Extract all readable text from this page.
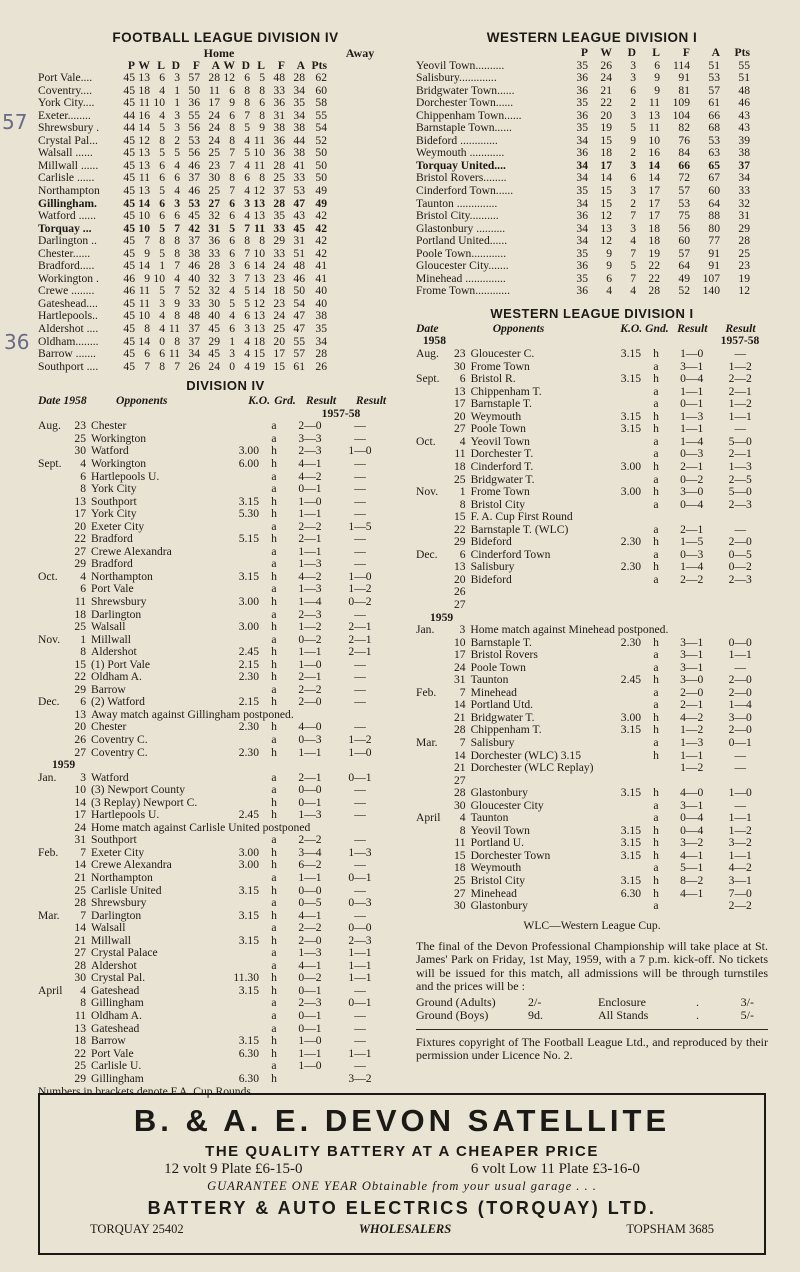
57
36
FOOTBALL LEAGUE DIVISION IV
Home	Away
P W L D	F	A W D L	F	A Pts
Port Vale....	45 13 6 3 57 28 12 6 5 48 28 62
Coventry....	45 18 4 1 50 11 6 8 8 33 34 60
York City....	45 11 10 1 36 17 9 8 6 36 35 58
Exeter........	44 16 4 3 55 24 6 7 8 31 34 55
Shrewsbury .	44 14 5 3 56 24 8 5 9 38 38 54
Crystal Pal...	45 12 8 2 53 24 8 4 11 36 44 52
Walsall ......	45 13 5 5 56 25 7 5 10 36 38 50
Millwall ......	45 13 6 4 46 23 7 4 11 28 41 50
Carlisle ......	45 11 6 6 37 30 8 6 8 25 33 50
Northampton	45 13 5 4 46 25 7 4 12 37 53 49
Gillingham.	45 14 6 3 53 27 6 3 13 28 47 49
Watford ......	45 10 6 6 45 32 6 4 13 35 43 42
Torquay ...	45 10 5 7 42 31 5 7 11 33 45 42
Darlington ..	45 7 8 8 37 36 6 8 8 29 31 42
Chester......	45 9 5 8 38 33 6 7 10 33 51 42
Bradford.....	45 14 1 7 46 28 3 6 14 24 48 41
Workington .	46 9 10 4 40 32 3 7 13 23 46 41
Crewe ........	46 11 5 7 52 32 4 5 14 18 50 40
Gateshead....	45 11 3 9 33 30 5 5 12 23 54 40
Hartlepools..	45 10 4 8 48 40 4 6 13 24 47 38
Aldershot ....	45 8 4 11 37 45 6 3 13 25 47 35
Oldham........	45 14 0 8 37 29 1 4 18 20 55 34
Barrow .......	45 6 6 11 34 45 3 4 15 17 57 28
Southport ....	45 7 8 7 26 24 0 4 19 15 61 26
DIVISION IV
Date 1958	Opponents	K.O. Grd. Result	Result
1957-58
Aug.	23 Chester	a	2—0	—
25 Workington	a	3—3	—
30 Watford	3.00	h	2—3	1—0
Sept.	4 Workington	6.00	h	4—1	—
6 Hartlepools U.	a	4—2	—
8 York City	a	0—1	—
13 Southport	3.15	h	1—0	—
17 York City	5.30	h	1—1	—
20 Exeter City	a	2—2	1—5
22 Bradford	5.15	h	2—1	—
27 Crewe Alexandra	a	1—1	—
29 Bradford	a	1—3	—
Oct.	4 Northampton	3.15	h	4—2	1—0
6 Port Vale	a	1—3	1—2
11 Shrewsbury	3.00	h	1—4	0—2
18 Darlington	a	2—3	—
25 Walsall	3.00	h	1—2	2—1
Nov.	1 Millwall	a	0—2	2—1
8 Aldershot	2.45	h	1—1	2—1
15 (1) Port Vale	2.15	h	1—0	—
22 Oldham A.	2.30	h	2—1	—
29 Barrow	a	2—2	—
Dec.	6 (2) Watford	2.15	h	2—0	—
13 Away match against Gillingham postponed.
20 Chester	2.30	h	4—0	—
26 Coventry C.	a	0—3	1—2
27 Coventry C.	2.30	h	1—1	1—0
1959
Jan.	3 Watford	a	2—1	0—1
10 (3) Newport County	a	0—0	—
14 (3 Replay) Newport C.	h	0—1	—
17 Hartlepools U.	2.45	h	1—3	—
24 Home match against Carlisle United postponed
31 Southport	a	2—2	—
Feb.	7 Exeter City	3.00	h	3—4	1—3
14 Crewe Alexandra	3.00	h	6—2	—
21 Northampton	a	1—1	0—1
25 Carlisle United	3.15	h	0—0	—
28 Shrewsbury	a	0—5	0—3
Mar.	7 Darlington	3.15	h	4—1	—
14 Walsall	a	2—2	0—0
21 Millwall	3.15	h	2—0	2—3
27 Crystal Palace	a	1—3	1—1
28 Aldershot	a	4—1	1—1
30 Crystal Pal.	11.30	h	0—2	1—1
April	4 Gateshead	3.15	h	0—1	—
8 Gillingham	a	2—3	0—1
11 Oldham A.	a	0—1	—
13 Gateshead	a	0—1	—
18 Barrow	3.15	h	1—0	—
22 Port Vale	6.30	h	1—1	1—1
25 Carlisle U.	a	1—0	—
29 Gillingham	6.30	h	3—2
Numbers in brackets denote F.A. Cup Rounds.
WESTERN LEAGUE DIVISION I
P	W	D	L	F	A	Pts
Yeovil Town..........	35	26	3	6	114	51	55
Salisbury.............	36	24	3	9	91	53	51
Bridgwater Town......	36	21	6	9	81	57	48
Dorchester Town......	35	22	2	11	109	61	46
Chippenham Town......	36	20	3	13	104	66	43
Barnstaple Town......	35	19	5	11	82	68	43
Bideford .............	34	15	9	10	76	53	39
Weymouth ............	36	18	2	16	84	63	38
Torquay United....	34	17	3	14	66	65	37
Bristol Rovers........	34	14	6	14	72	67	34
Cinderford Town......	35	15	3	17	57	60	33
Taunton ..............	34	15	2	17	53	64	32
Bristol City..........	36	12	7	17	75	88	31
Glastonbury ..........	34	13	3	18	56	80	29
Portland United......	34	12	4	18	60	77	28
Poole Town............	35	9	7	19	57	91	25
Gloucester City.......	36	9	5	22	64	91	23
Minehead ..............	35	6	7	22	49	107	19
Frome Town............	36	4	4	28	52	140	12
WESTERN LEAGUE DIVISION I
Date	Opponents	K.O. Gnd. Result	Result
1958	1957-58
Aug.	23 Gloucester C.	3.15	h	1—0	—
30 Frome Town	a	3—1	1—2
Sept.	6 Bristol R.	3.15	h	0—4	2—2
13 Chippenham T.	a	1—1	2—1
17 Barnstaple T.	a	0—1	1—2
20 Weymouth	3.15	h	1—3	1—1
27 Poole Town	3.15	h	1—1	—
Oct.	4 Yeovil Town	a	1—4	5—0
11 Dorchester T.	a	0—3	2—1
18 Cinderford T.	3.00	h	2—1	1—3
25 Bridgwater T.	a	0—2	2—5
Nov.	1 Frome Town	3.00	h	3—0	5—0
8 Bristol City	a	0—4	2—3
15 F. A. Cup First Round
22 Barnstaple T. (WLC)	a	2—1	—
29 Bideford	2.30	h	1—5	2—0
Dec.	6 Cinderford Town	a	0—3	0—5
13 Salisbury	2.30	h	1—4	0—2
20 Bideford	a	2—2	2—3
26
27
1959
Jan.	3 Home match against Minehead postponed.
10 Barnstaple T.	2.30	h	3—1	0—0
17 Bristol Rovers	a	3—1	1—1
24 Poole Town	a	3—1	—
31 Taunton	2.45	h	3—0	2—0
Feb.	7 Minehead	a	2—0	2—0
14 Portland Utd.	a	2—1	1—4
21 Bridgwater T.	3.00	h	4—2	3—0
28 Chippenham T.	3.15	h	1—2	2—0
Mar.	7 Salisbury	a	1—3	0—1
14 Dorchester (WLC) 3.15	h	1—1	—
21 Dorchester (WLC Replay)	1—2	—
27
28 Glastonbury	3.15	h	4—0	1—0
30 Gloucester City	a	3—1	—
April	4 Taunton	a	0—4	1—1
8 Yeovil Town	3.15	h	0—4	1—2
11 Portland U.	3.15	h	3—2	3—2
15 Dorchester Town	3.15	h	4—1	1—1
18 Weymouth	a	5—1	4—2
25 Bristol City	3.15	h	8—2	3—1
27 Minehead	6.30	h	4—1	7—0
30 Glastonbury	a	2—2
WLC—Western League Cup.
The final of the Devon Professional Championship will take place at St. James' Park on Friday, 1st May, 1959, with a 7 p.m. kick-off. No tickets will be issued for this match, all admissions will be through turnstiles and the prices will be :
Ground (Adults)	2/-	Enclosure	.	3/-
Ground (Boys)	9d.	All Stands	.	5/-
Fixtures copyright of The Football League Ltd., and reproduced by their permission under Licence No. 2.
B. & A. E. DEVON SATELLITE
THE QUALITY BATTERY AT A CHEAPER PRICE
12 volt 9 Plate £6-15-0	6 volt Low 11 Plate £3-16-0
GUARANTEE ONE YEAR Obtainable from your usual garage . . .
BATTERY & AUTO ELECTRICS (TORQUAY) LTD.
TORQUAY 25402	WHOLESALERS	TOPSHAM 3685
